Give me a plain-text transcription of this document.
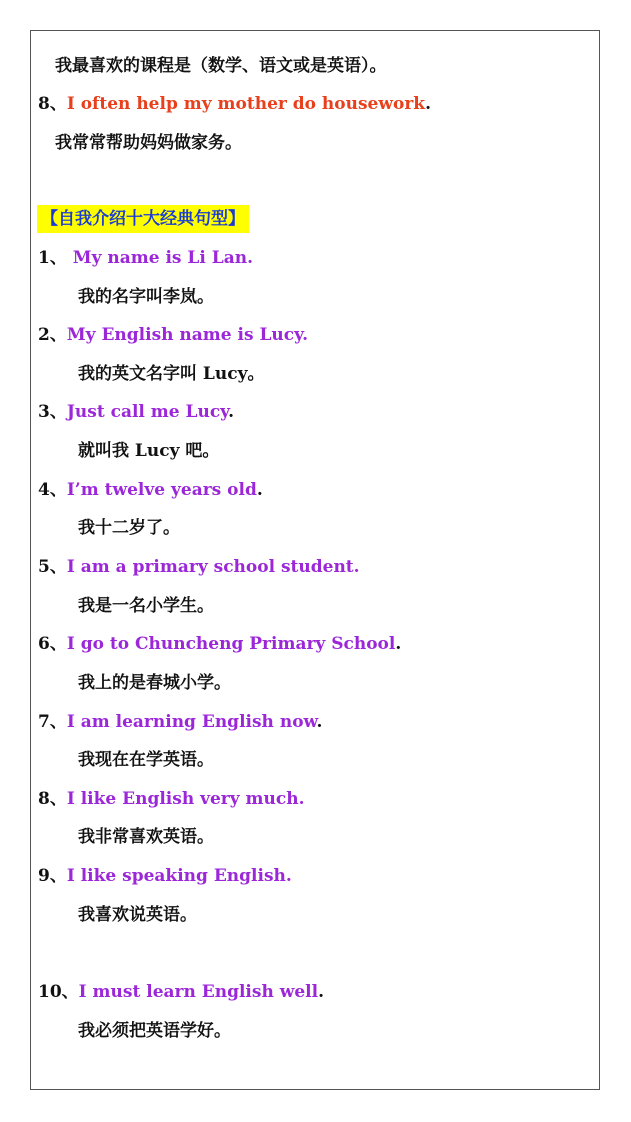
我最喜欢的课程是（数学、语文或是英语）。
8、I often help my mother do housework.
我常常帮助妈妈做家务。
【自我介绍十大经典句型】
1、 My name is Li Lan.
我的名字叫李岚。
2、My English name is Lucy.
我的英文名字叫 Lucy。
3、Just call me Lucy.
就叫我 Lucy 吧。
4、I’m twelve years old.
我十二岁了。
5、I am a primary school student.
我是一名小学生。
6、I go to Chuncheng Primary School.
我上的是春城小学。
7、I am learning English now.
我现在在学英语。
8、I like English very much.
我非常喜欢英语。
9、I like speaking English.
我喜欢说英语。
10、I must learn English well.
我必须把英语学好。
